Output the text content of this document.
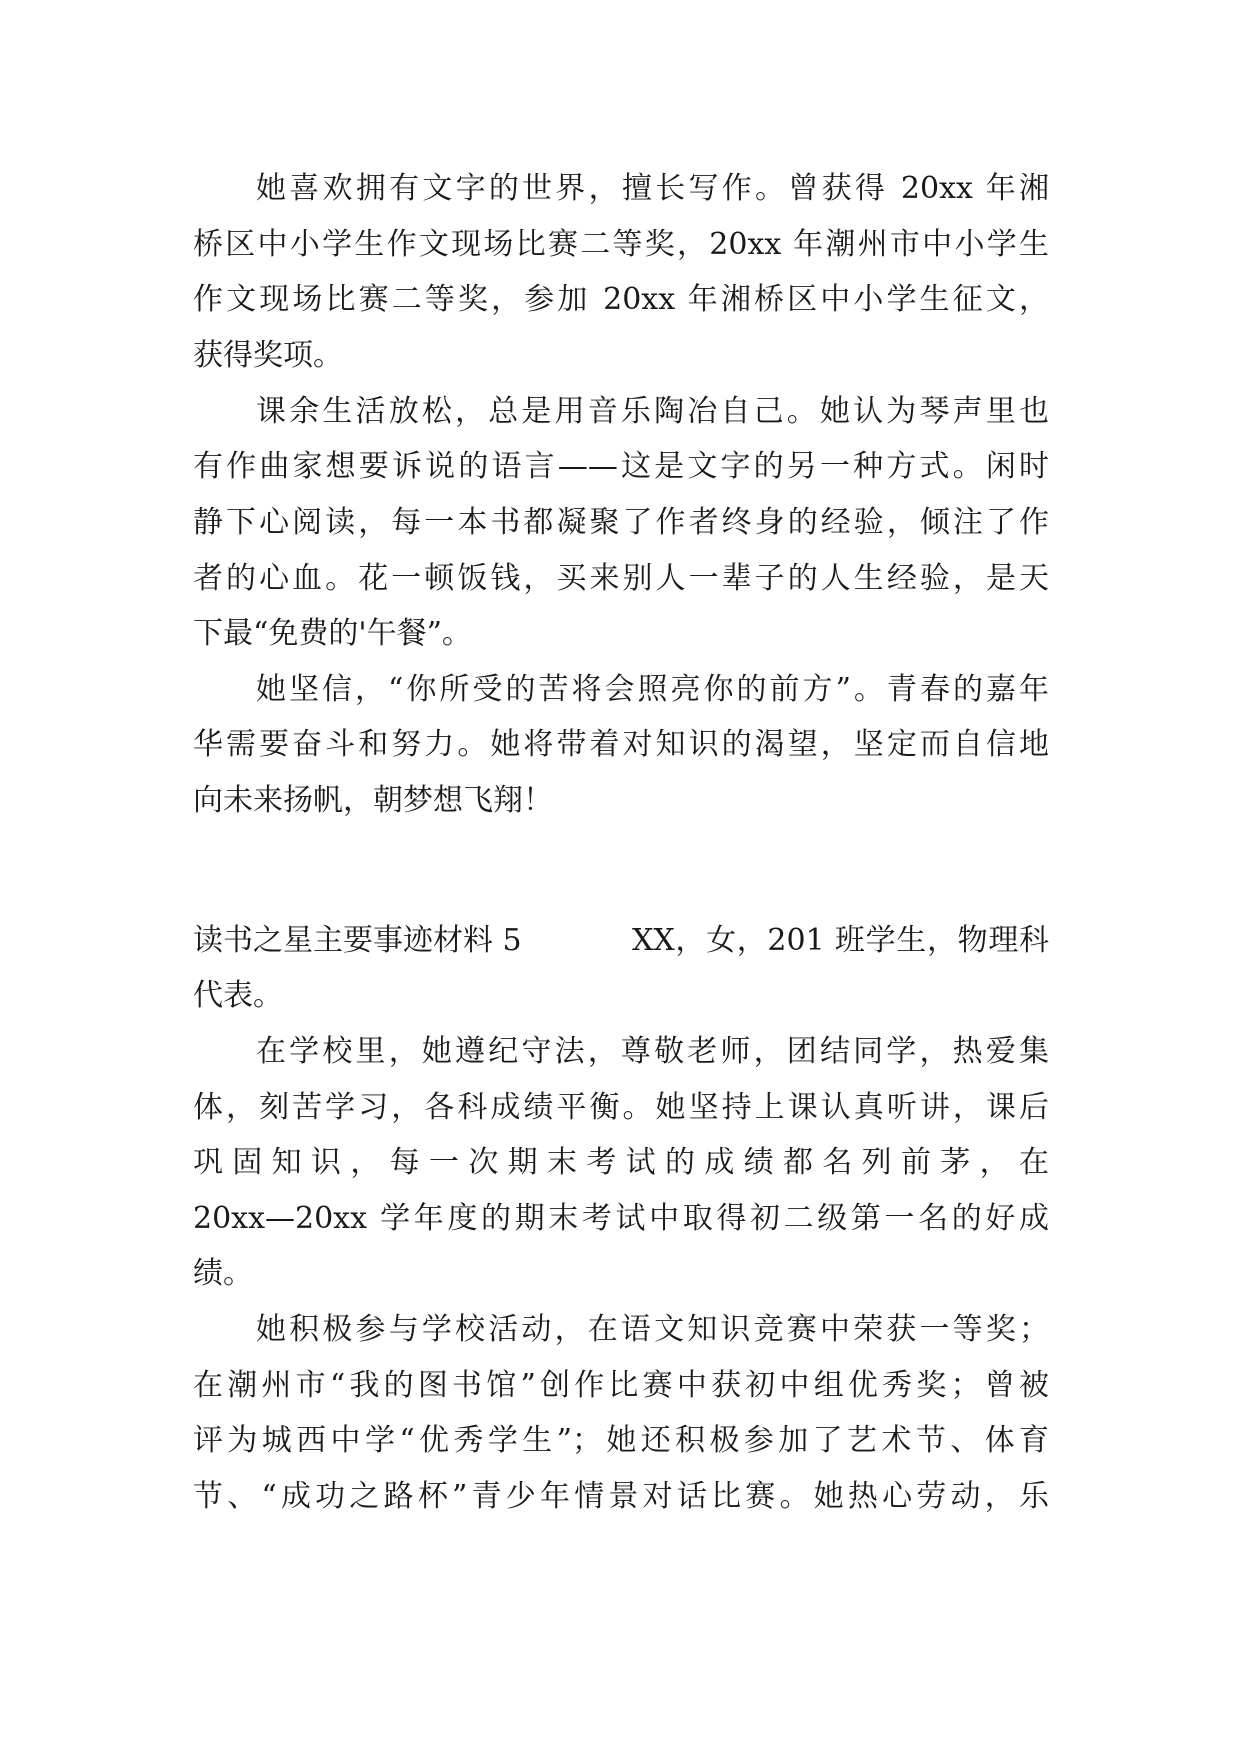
她喜欢拥有文字的世界，擅长写作。曾获得 20xx 年湘
桥区中小学生作文现场比赛二等奖，20xx 年潮州市中小学生
作文现场比赛二等奖，参加 20xx 年湘桥区中小学生征文，
获得奖项。
课余生活放松，总是用音乐陶冶自己。她认为琴声里也
有作曲家想要诉说的语言——这是文字的另一种方式。闲时
静下心阅读，每一本书都凝聚了作者终身的经验，倾注了作
者的心血。花一顿饭钱，买来别人一辈子的人生经验，是天
下最“免费的'午餐”。
她坚信，“你所受的苦将会照亮你的前方”。青春的嘉年
华需要奋斗和努力。她将带着对知识的渴望，坚定而自信地
向未来扬帆，朝梦想飞翔！
读书之星主要事迹材料 5	XX，女，201 班学生，物理科
代表。
在学校里，她遵纪守法，尊敬老师，团结同学，热爱集
体，刻苦学习，各科成绩平衡。她坚持上课认真听讲，课后
巩固知识，每一次期末考试的成绩都名列前茅，在
20xx—20xx 学年度的期末考试中取得初二级第一名的好成
绩。
她积极参与学校活动，在语文知识竞赛中荣获一等奖；
在潮州市“我的图书馆”创作比赛中获初中组优秀奖；曾被
评为城西中学“优秀学生”；她还积极参加了艺术节、体育
节、“成功之路杯”青少年情景对话比赛。她热心劳动，乐
